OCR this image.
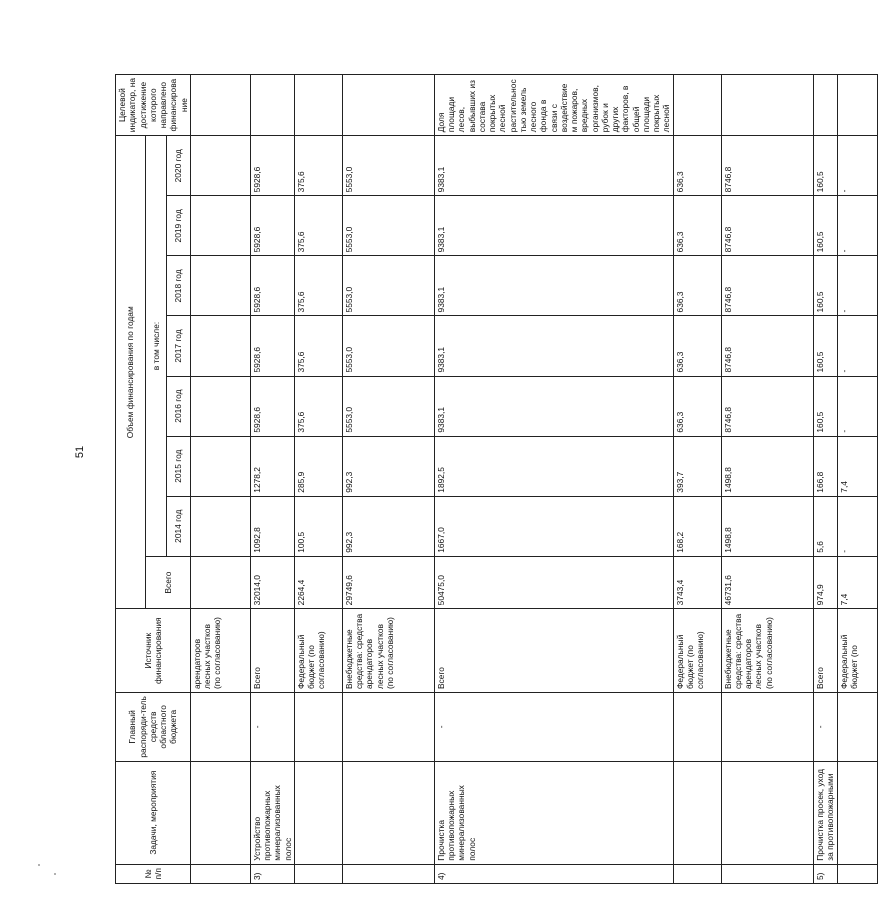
51
№ п/п	Задачи, мероприятия	Главный распоряди-тель средств областного бюджета	Источник финансирования	Объем финансирования по годам								Целевой индикатор, на достижение которого направлено финансирование
				Всего	в том числе:							
					2014 год	2015 год	2016 год	2017 год	2018 год	2019 год	2020 год	
			арендаторов лесных участков (по согласованию)									
3)	Устройство противопожарных минерализованных полос	-	Всего	32014,0	1092,8	1278,2	5928,6	5928,6	5928,6	5928,6	5928,6	
			Федеральный бюджет (по согласованию)	2264,4	100,5	285,9	375,6	375,6	375,6	375,6	375,6	
			Внебюджетные средства: средства арендаторов лесных участков (по согласованию)	29749,6	992,3	992,3	5553,0	5553,0	5553,0	5553,0	5553,0	
4)	Прочистка противопожарных минерализованных полос	-	Всего	50475,0	1667,0	1892,5	9383,1	9383,1	9383,1	9383,1	9383,1	Доля площади лесов, выбывших из состава покрытых лесной растительностью земель лесного фонда в связи с воздействием пожаров, вредных организмов, рубок и других факторов, в общей площади покрытых лесной
			Федеральный бюджет (по согласованию)	3743,4	168,2	393,7	636,3	636,3	636,3	636,3	636,3	
			Внебюджетные средства: средства арендаторов лесных участков (по согласованию)	46731,6	1498,8	1498,8	8746,8	8746,8	8746,8	8746,8	8746,8	
5)	Прочистка просек, уход за противопожарными	-	Всего	974,9	5,6	166,8	160,5	160,5	160,5	160,5	160,5	
			Федеральный бюджет (по	7,4	-	7,4	-	-	-	-	-	
